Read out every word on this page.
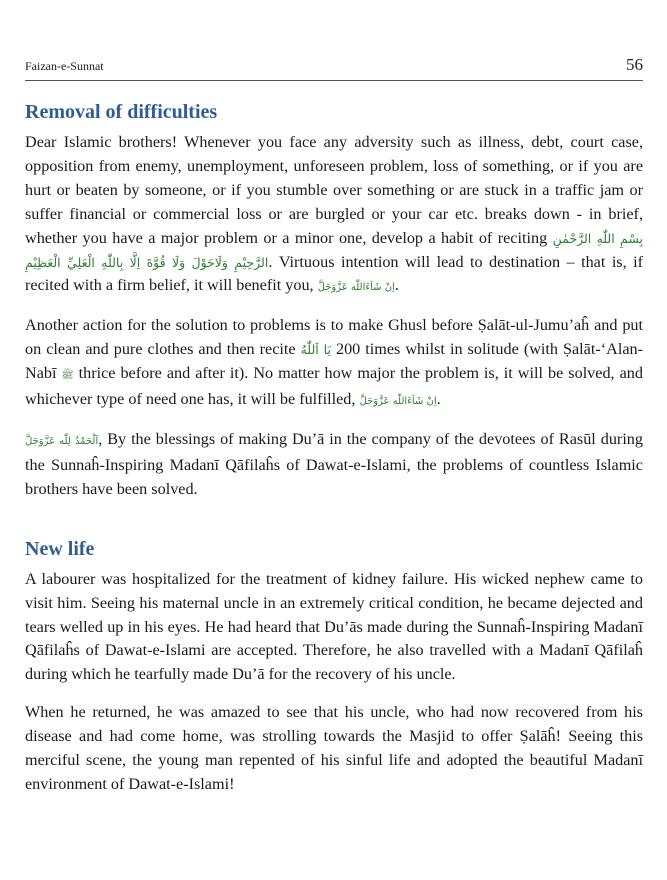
Faizan-e-Sunnat	56
Removal of difficulties

Dear Islamic brothers! Whenever you face any adversity such as illness, debt, court case, opposition from enemy, unemployment, unforeseen problem, loss of something, or if you are hurt or beaten by someone, or if you stumble over something or are stuck in a traffic jam or suffer financial or commercial loss or are burgled or your car etc. breaks down - in brief, whether you have a major problem or a minor one, develop a habit of reciting بِسْمِ اللّٰهِ الرَّحْمٰنِ الرَّحِيْمِ وَلَاحَوْلَ وَلَا قُوَّةَ اِلَّا بِاللّٰهِ الْعَلِيِّ الْعَظِيْمِ. Virtuous intention will lead to destination – that is, if recited with a firm belief, it will benefit you, اِنْ شَآءَاللّٰه عَزَّوَجَلَّ.

Another action for the solution to problems is to make Ghusl before Ṣalāt-ul-Jumu’aĥ and put on clean and pure clothes and then recite يَا اَللّٰهُ 200 times whilst in solitude (with Ṣalāt-‘Alan-Nabī ﷺ thrice before and after it). No matter how major the problem is, it will be solved, and whichever type of need one has, it will be fulfilled, اِنْ شَآءَاللّٰه عَزَّوَجَلَّ.

اَلْحَمْدُ لِلّٰه عَزَّوَجَلَّ, By the blessings of making Du’ā in the company of the devotees of Rasūl during the Sunnaĥ-Inspiring Madanī Qāfilaĥs of Dawat-e-Islami, the problems of countless Islamic brothers have been solved.

New life

A labourer was hospitalized for the treatment of kidney failure. His wicked nephew came to visit him. Seeing his maternal uncle in an extremely critical condition, he became dejected and tears welled up in his eyes. He had heard that Du’ās made during the Sunnaĥ-Inspiring Madanī Qāfilaĥs of Dawat-e-Islami are accepted. Therefore, he also travelled with a Madanī Qāfilaĥ during which he tearfully made Du’ā for the recovery of his uncle.

When he returned, he was amazed to see that his uncle, who had now recovered from his disease and had come home, was strolling towards the Masjid to offer Ṣalāĥ! Seeing this merciful scene, the young man repented of his sinful life and adopted the beautiful Madanī environment of Dawat-e-Islami!
